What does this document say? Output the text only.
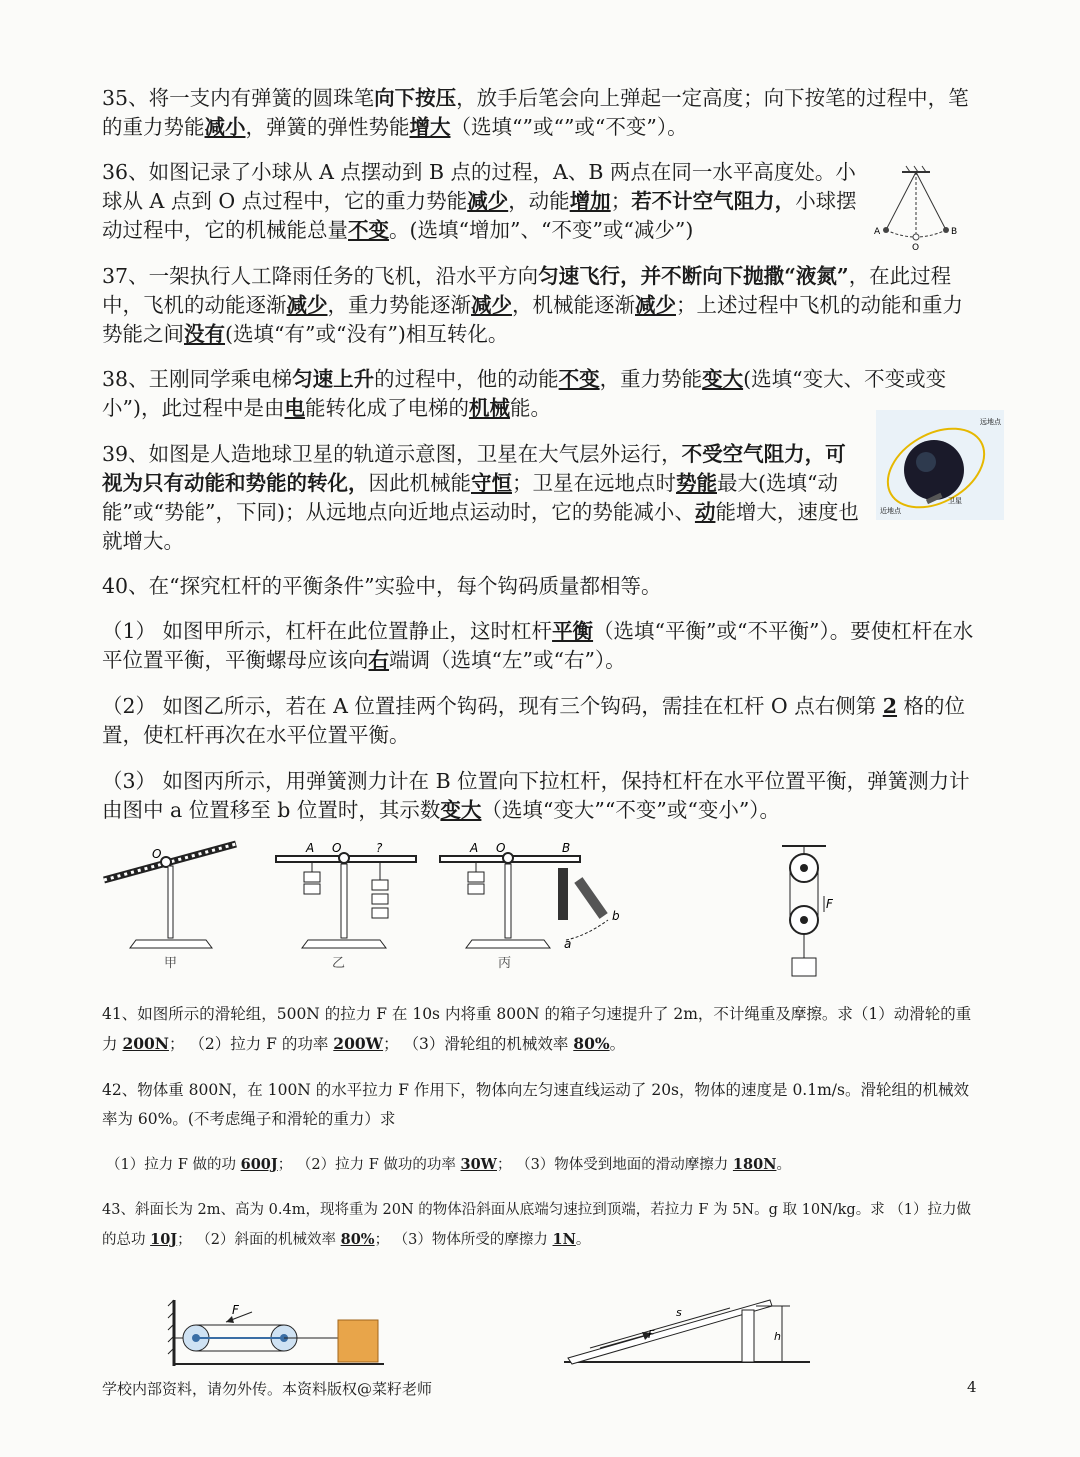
35、将一支内有弹簧的圆珠笔向下按压，放手后笔会向上弹起一定高度；向下按笔的过程中，笔的重力势能减小，弹簧的弹性势能增大（选填“”或“”或“不变”）。
36、如图记录了小球从 A 点摆动到 B 点的过程，A、B 两点在同一水平高度处。小球从 A 点到 O 点过程中，它的重力势能减少，动能增加；若不计空气阻力，小球摆动过程中，它的机械能总量不变。(选填“增加”、“不变”或“减少”)	A	B
O
37、一架执行人工降雨任务的飞机，沿水平方向匀速飞行，并不断向下抛撒“液氮”，在此过程中，飞机的动能逐渐减少，重力势能逐渐减少，机械能逐渐减少；上述过程中飞机的动能和重力势能之间没有(选填“有”或“没有”)相互转化。
38、王刚同学乘电梯匀速上升的过程中，他的动能不变，重力势能变大(选填“变大、不变或变小”)，此过程中是由电能转化成了电梯的机械能。
39、如图是人造地球卫星的轨道示意图，卫星在大气层外运行，不受空气阻力，可视为只有动能和势能的转化，因此机械能守恒；卫星在远地点时势能最大(选填“动能”或“势能”，下同)；从远地点向近地点运动时，它的势能减小、动能增大，速度也就增大。
远地点
近地点
卫星
40、在“探究杠杆的平衡条件”实验中，每个钩码质量都相等。
（1） 如图甲所示，杠杆在此位置静止，这时杠杆平衡（选填“平衡”或“不平衡”）。要使杠杆在水平位置平衡，平衡螺母应该向右端调（选填“左”或“右”）。
（2） 如图乙所示，若在 A 位置挂两个钩码，现有三个钩码，需挂在杠杆 O 点右侧第 2 格的位置，使杠杆再次在水平位置平衡。
（3） 如图丙所示，用弹簧测力计在 B 位置向下拉杠杆，保持杠杆在水平位置平衡，弹簧测力计由图中 a 位置移至 b 位置时，其示数变大（选填“变大”“不变”或“变小”）。
O
甲
A O	?
乙
A O	B
a
b
丙
F
41、如图所示的滑轮组，500N 的拉力 F 在 10s 内将重 800N 的箱子匀速提升了 2m，不计绳重及摩擦。求（1）动滑轮的重力 200N； （2）拉力 F 的功率 200W； （3）滑轮组的机械效率 80%。
42、物体重 800N，在 100N 的水平拉力 F 作用下，物体向左匀速直线运动了 20s，物体的速度是 0.1m/s。滑轮组的机械效率为 60%。(不考虑绳子和滑轮的重力）求
（1）拉力 F 做的功 600J； （2）拉力 F 做功的功率 30W； （3）物体受到地面的滑动摩擦力 180N。
43、斜面长为 2m、高为 0.4m，现将重为 20N 的物体沿斜面从底端匀速拉到顶端，若拉力 F 为 5N。g 取 10N/kg。求 （1）拉力做的总功 10J； （2）斜面的机械效率 80%； （3）物体所受的摩擦力 1N。
F
h
s
F
学校内部资料，请勿外传。本资料版权@菜籽老师	4
